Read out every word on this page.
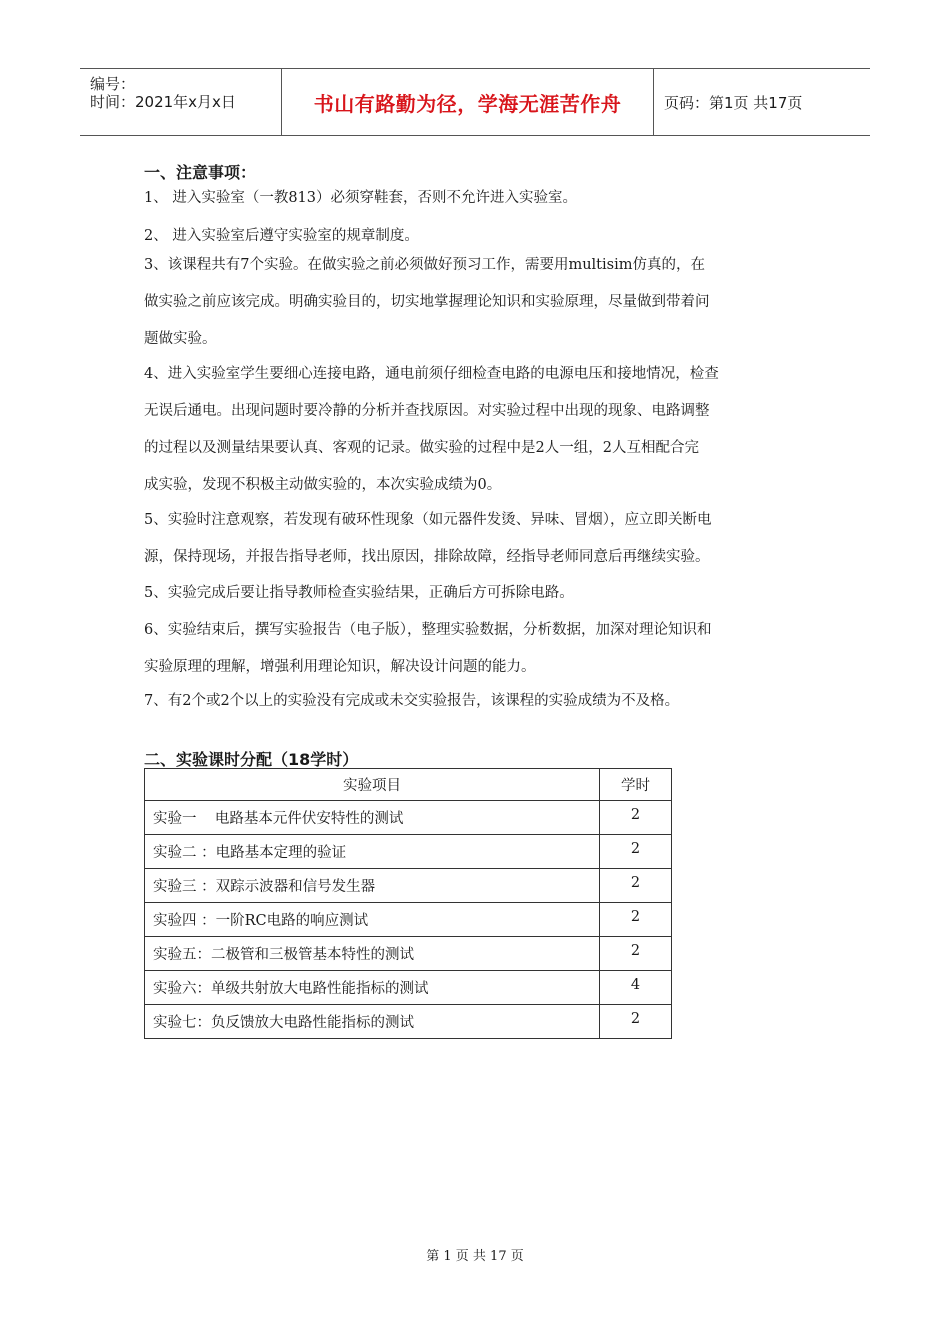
编号：
时间：2021年x月x日	书山有路勤为径，学海无涯苦作舟	页码：第1页 共17页
一、注意事项：
1、 进入实验室（一教813）必须穿鞋套，否则不允许进入实验室。
2、 进入实验室后遵守实验室的规章制度。
3、该课程共有7个实验。在做实验之前必须做好预习工作，需要用multisim仿真的，在
做实验之前应该完成。明确实验目的，切实地掌握理论知识和实验原理，尽量做到带着问
题做实验。
4、进入实验室学生要细心连接电路，通电前须仔细检查电路的电源电压和接地情况，检查
无误后通电。出现问题时要冷静的分析并查找原因。对实验过程中出现的现象、电路调整
的过程以及测量结果要认真、客观的记录。做实验的过程中是2人一组，2人互相配合完
成实验，发现不积极主动做实验的，本次实验成绩为0。
5、实验时注意观察，若发现有破环性现象（如元器件发烫、异味、冒烟），应立即关断电
源，保持现场，并报告指导老师，找出原因，排除故障，经指导老师同意后再继续实验。
5、实验完成后要让指导教师检查实验结果，正确后方可拆除电路。
6、实验结束后，撰写实验报告（电子版），整理实验数据，分析数据，加深对理论知识和
实验原理的理解，增强利用理论知识，解决设计问题的能力。
7、有2个或2个以上的实验没有完成或未交实验报告，该课程的实验成绩为不及格。
二、实验课时分配（18学时）
实验项目	学时
实验一    电路基本元件伏安特性的测试	2
实验二 ：电路基本定理的验证	2
实验三 ：双踪示波器和信号发生器	2
实验四 ：一阶RC电路的响应测试	2
实验五：二极管和三极管基本特性的测试	2
实验六：单级共射放大电路性能指标的测试	4
实验七：负反馈放大电路性能指标的测试	2
第 1 页 共 17 页
